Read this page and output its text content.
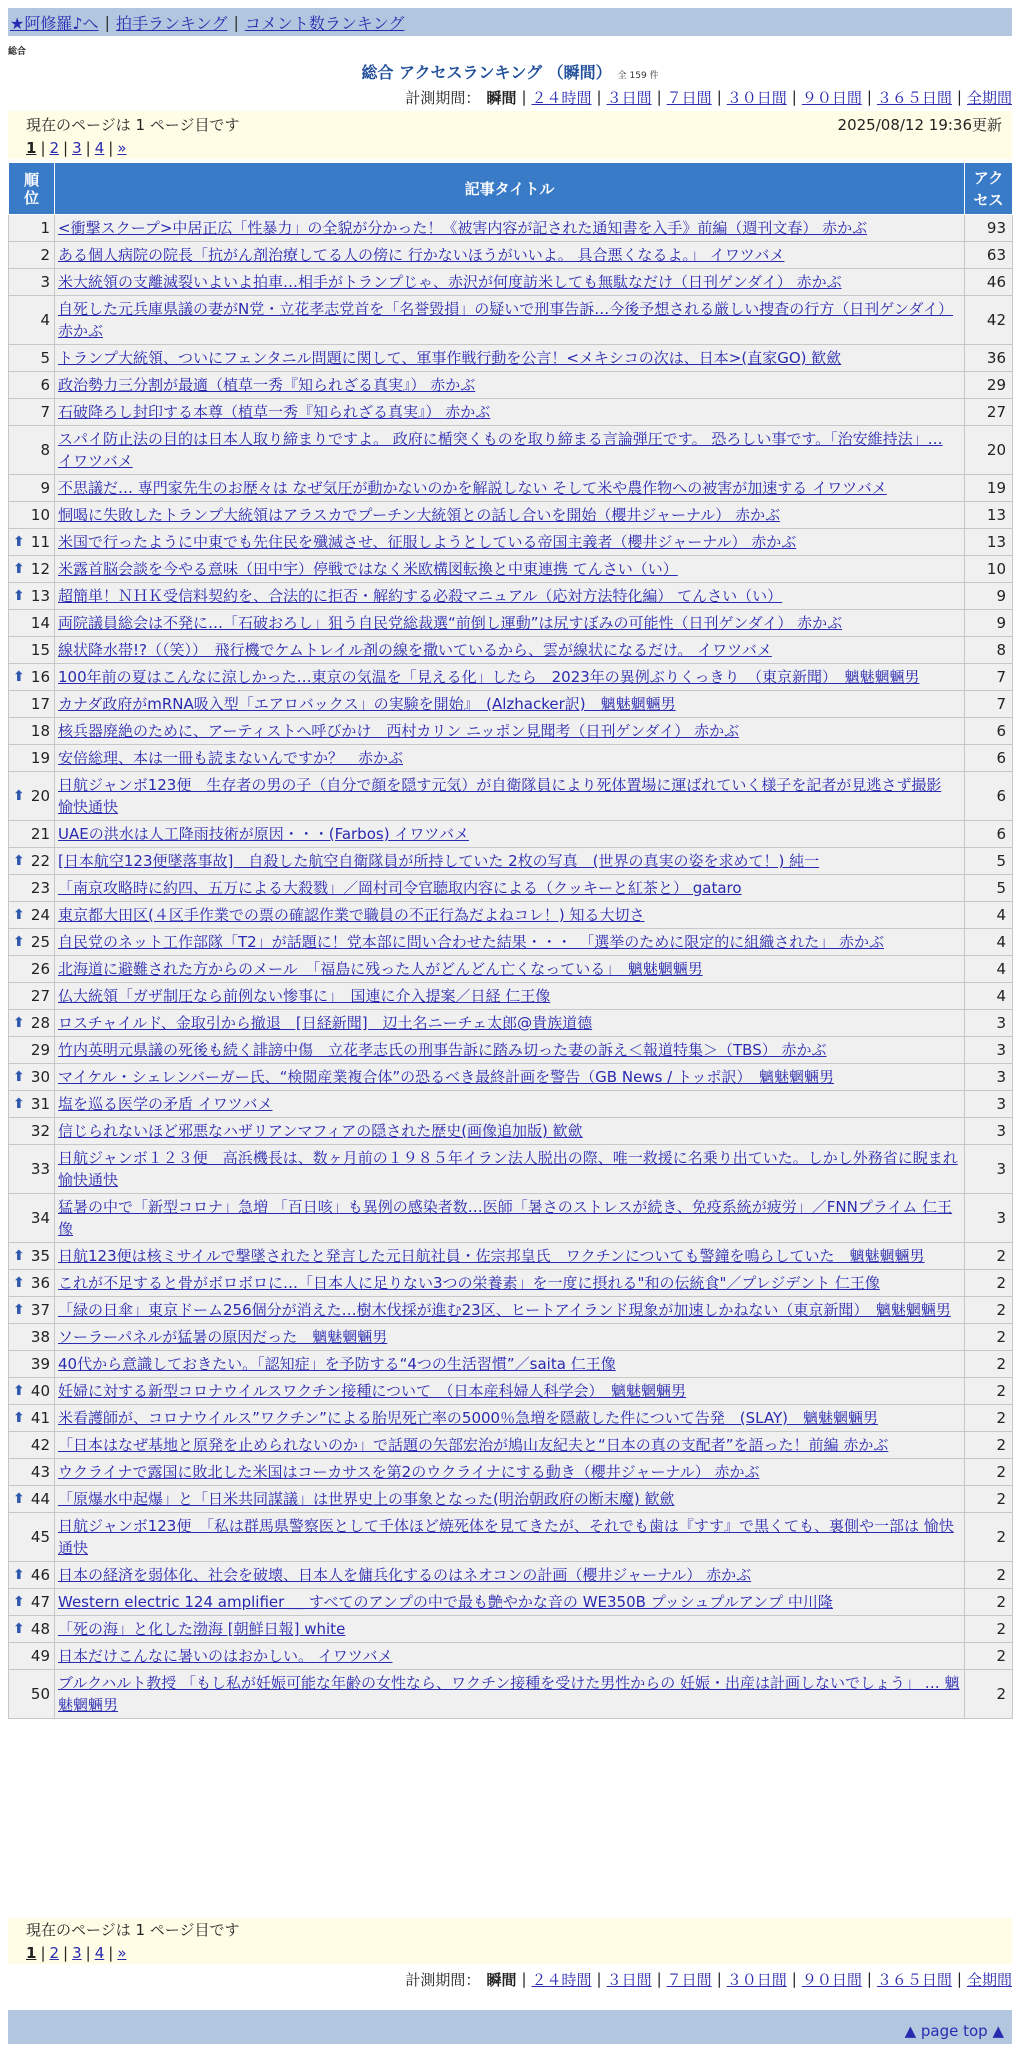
★阿修羅♪へ | 拍手ランキング | コメント数ランキング
総合
総合 アクセスランキング （瞬間） 全 159 件
計測期間： 瞬間 | ２４時間 | ３日間 | ７日間 | ３０日間 | ９０日間 | ３６５日間 | 全期間
現在のページは 1 ページ目です	2025/08/12 19:36更新
1 | 2 | 3 | 4 | »
順位	記事タイトル	アクセス
1	<衝撃スクープ>中居正広「性暴力」の全貌が分かった！《被害内容が記された通知書を入手》前編（週刊文春） 赤かぶ	93
2	ある個人病院の院長「抗がん剤治療してる人の傍に 行かないほうがいいよ。 具合悪くなるよ。」 イワツバメ	63
3	米大統領の支離滅裂いよいよ拍車…相手がトランプじゃ、赤沢が何度訪米しても無駄なだけ（日刊ゲンダイ） 赤かぶ	46
4	自死した元兵庫県議の妻がN党・立花孝志党首を「名誉毀損」の疑いで刑事告訴…今後予想される厳しい捜査の行方（日刊ゲンダイ） 赤かぶ	42
5	トランプ大統領、ついにフェンタニル問題に関して、軍事作戦行動を公言！<メキシコの次は、日本>(直家GO) 歓歛	36
6	政治勢力三分割が最適（植草一秀『知られざる真実』） 赤かぶ	29
7	石破降ろし封印する本尊（植草一秀『知られざる真実』） 赤かぶ	27
8	スパイ防止法の目的は日本人取り締まりですよ。 政府に楯突くものを取り締まる言論弾圧です。 恐ろしい事です。「治安維持法」… イワツバメ	20
9	不思議だ… 専門家先生のお歴々は なぜ気圧が動かないのかを解説しない そして米や農作物への被害が加速する イワツバメ	19
10	恫喝に失敗したトランプ大統領はアラスカでプーチン大統領との話し合いを開始（櫻井ジャーナル） 赤かぶ	13

⬆ 11	米国で行ったように中東でも先住民を殲滅させ、征服しようとしている帝国主義者（櫻井ジャーナル） 赤かぶ	13

⬆ 12	米露首脳会談を今やる意味（田中宇）停戦ではなく米欧構図転換と中東連携 てんさい（い）	10

⬆ 13	超簡単！ＮＨＫ受信料契約を、合法的に拒否・解約する必殺マニュアル（応対方法特化編） てんさい（い）	9
14	両院議員総会は不発に…「石破おろし」狙う自民党総裁選“前倒し運動”は尻すぼみの可能性（日刊ゲンダイ） 赤かぶ	9
15	線状降水帯!?（（笑））　飛行機でケムトレイル剤の線を撒いているから、雲が線状になるだけ。 イワツバメ	8

⬆ 16	100年前の夏はこんなに涼しかった…東京の気温を「見える化」したら　2023年の異例ぶりくっきり　（東京新聞）　魑魅魍魎男	7
17	カナダ政府がmRNA吸入型「エアロバックス」の実験を開始』　(Alzhacker訳)　魑魅魍魎男	7
18	核兵器廃絶のために、アーティストへ呼びかけ　西村カリン ニッポン見聞考（日刊ゲンダイ） 赤かぶ	6
19	安倍総理、本は一冊も読まないんですか？　赤かぶ	6

⬆ 20	日航ジャンボ123便　生存者の男の子（自分で顔を隠す元気）が自衛隊員により死体置場に運ばれていく様子を記者が見逃さず撮影 愉快通快	6
21	UAEの洪水は人工降雨技術が原因・・・(Farbos) イワツバメ	6

⬆ 22	[日本航空123便墜落事故]　自殺した航空自衛隊員が所持していた 2枚の写真　(世界の真実の姿を求めて！) 純一	5
23	「南京攻略時に約四、五万による大殺戮」／岡村司令官聴取内容による（クッキーと紅茶と） gataro	5

⬆ 24	東京都大田区(４区手作業での票の確認作業で職員の不正行為だよねコレ！) 知る大切さ	4

⬆ 25	自民党のネット工作部隊「T2」が話題に！党本部に問い合わせた結果・・・　「選挙のために限定的に組織された」 赤かぶ	4
26	北海道に避難された方からのメール　「福島に残った人がどんどん亡くなっている」　魑魅魍魎男	4
27	仏大統領「ガザ制圧なら前例ない惨事に」　国連に介入提案／日経 仁王像	4

⬆ 28	ロスチャイルド、金取引から撤退　[日経新聞]　辺土名ニーチェ太郎@貴族道德	3
29	竹内英明元県議の死後も続く誹謗中傷　立花孝志氏の刑事告訴に踏み切った妻の訴え＜報道特集＞（TBS） 赤かぶ	3

⬆ 30	マイケル・シェレンバーガー氏、“検閲産業複合体”の恐るべき最終計画を警告（GB News / トッポ訳）　魑魅魍魎男	3

⬆ 31	塩を巡る医学の矛盾 イワツバメ	3
32	信じられないほど邪悪なハザリアンマフィアの隠された歴史(画像追加版) 歓歛	3
33	日航ジャンボ１２３便　高浜機長は、数ヶ月前の１９８５年イラン法人脱出の際、唯一救援に名乗り出ていた。しかし外務省に睨まれ 愉快通快	3
34	猛暑の中で「新型コロナ」急増 「百日咳」も異例の感染者数…医師「暑さのストレスが続き、免疫系統が疲労」／FNNプライム 仁王像	3

⬆ 35	日航123便は核ミサイルで撃墜されたと発言した元日航社員・佐宗邦皇氏　ワクチンについても警鐘を鳴らしていた　魑魅魍魎男	2

⬆ 36	これが不足すると骨がボロボロに…「日本人に足りない3つの栄養素」を一度に摂れる"和の伝統食"／プレジデント 仁王像	2

⬆ 37	「緑の日傘」東京ドーム256個分が消えた…樹木伐採が進む23区、ヒートアイランド現象が加速しかねない（東京新聞）　魑魅魍魎男	2
38	ソーラーパネルが猛暑の原因だった　魑魅魍魎男	2
39	40代から意識しておきたい。「認知症」を予防する“4つの生活習慣”／saita 仁王像	2

⬆ 40	妊婦に対する新型コロナウイルスワクチン接種について　（日本産科婦人科学会）　魑魅魍魎男	2

⬆ 41	米看護師が、コロナウイルス”ワクチン”による胎児死亡率の5000％急増を隠蔽した件について告発　(SLAY)　魑魅魍魎男	2
42	「日本はなぜ基地と原発を止められないのか」で話題の矢部宏治が鳩山友紀夫と“日本の真の支配者”を語った！前編 赤かぶ	2
43	ウクライナで露国に敗北した米国はコーカサスを第2のウクライナにする動き（櫻井ジャーナル） 赤かぶ	2

⬆ 44	「原爆水中起爆」と「日米共同謀議」は世界史上の事象となった(明治朝政府の断末魔) 歓歛	2
45	日航ジャンボ123便　「私は群馬県警察医として千体ほど焼死体を見てきたが、それでも歯は『すす』で黒くても、裏側や一部は 愉快通快	2

⬆ 46	日本の経済を弱体化、社会を破壊、日本人を傭兵化するのはネオコンの計画（櫻井ジャーナル） 赤かぶ	2

⬆ 47	Western electric 124 amplifier ＿ すべてのアンプの中で最も艶やかな音の WE350B プッシュプルアンプ 中川隆	2

⬆ 48	「死の海」と化した渤海 [朝鮮日報] white	2
49	日本だけこんなに暑いのはおかしい。 イワツバメ	2
50	ブルクハルト教授 「もし私が妊娠可能な年齢の女性なら、ワクチン接種を受けた男性からの 妊娠・出産は計画しないでしょう」 … 魑魅魍魎男	2
現在のページは 1 ページ目です
1 | 2 | 3 | 4 | »
計測期間： 瞬間 | ２４時間 | ３日間 | ７日間 | ３０日間 | ９０日間 | ３６５日間 | 全期間
▲ page top ▲
